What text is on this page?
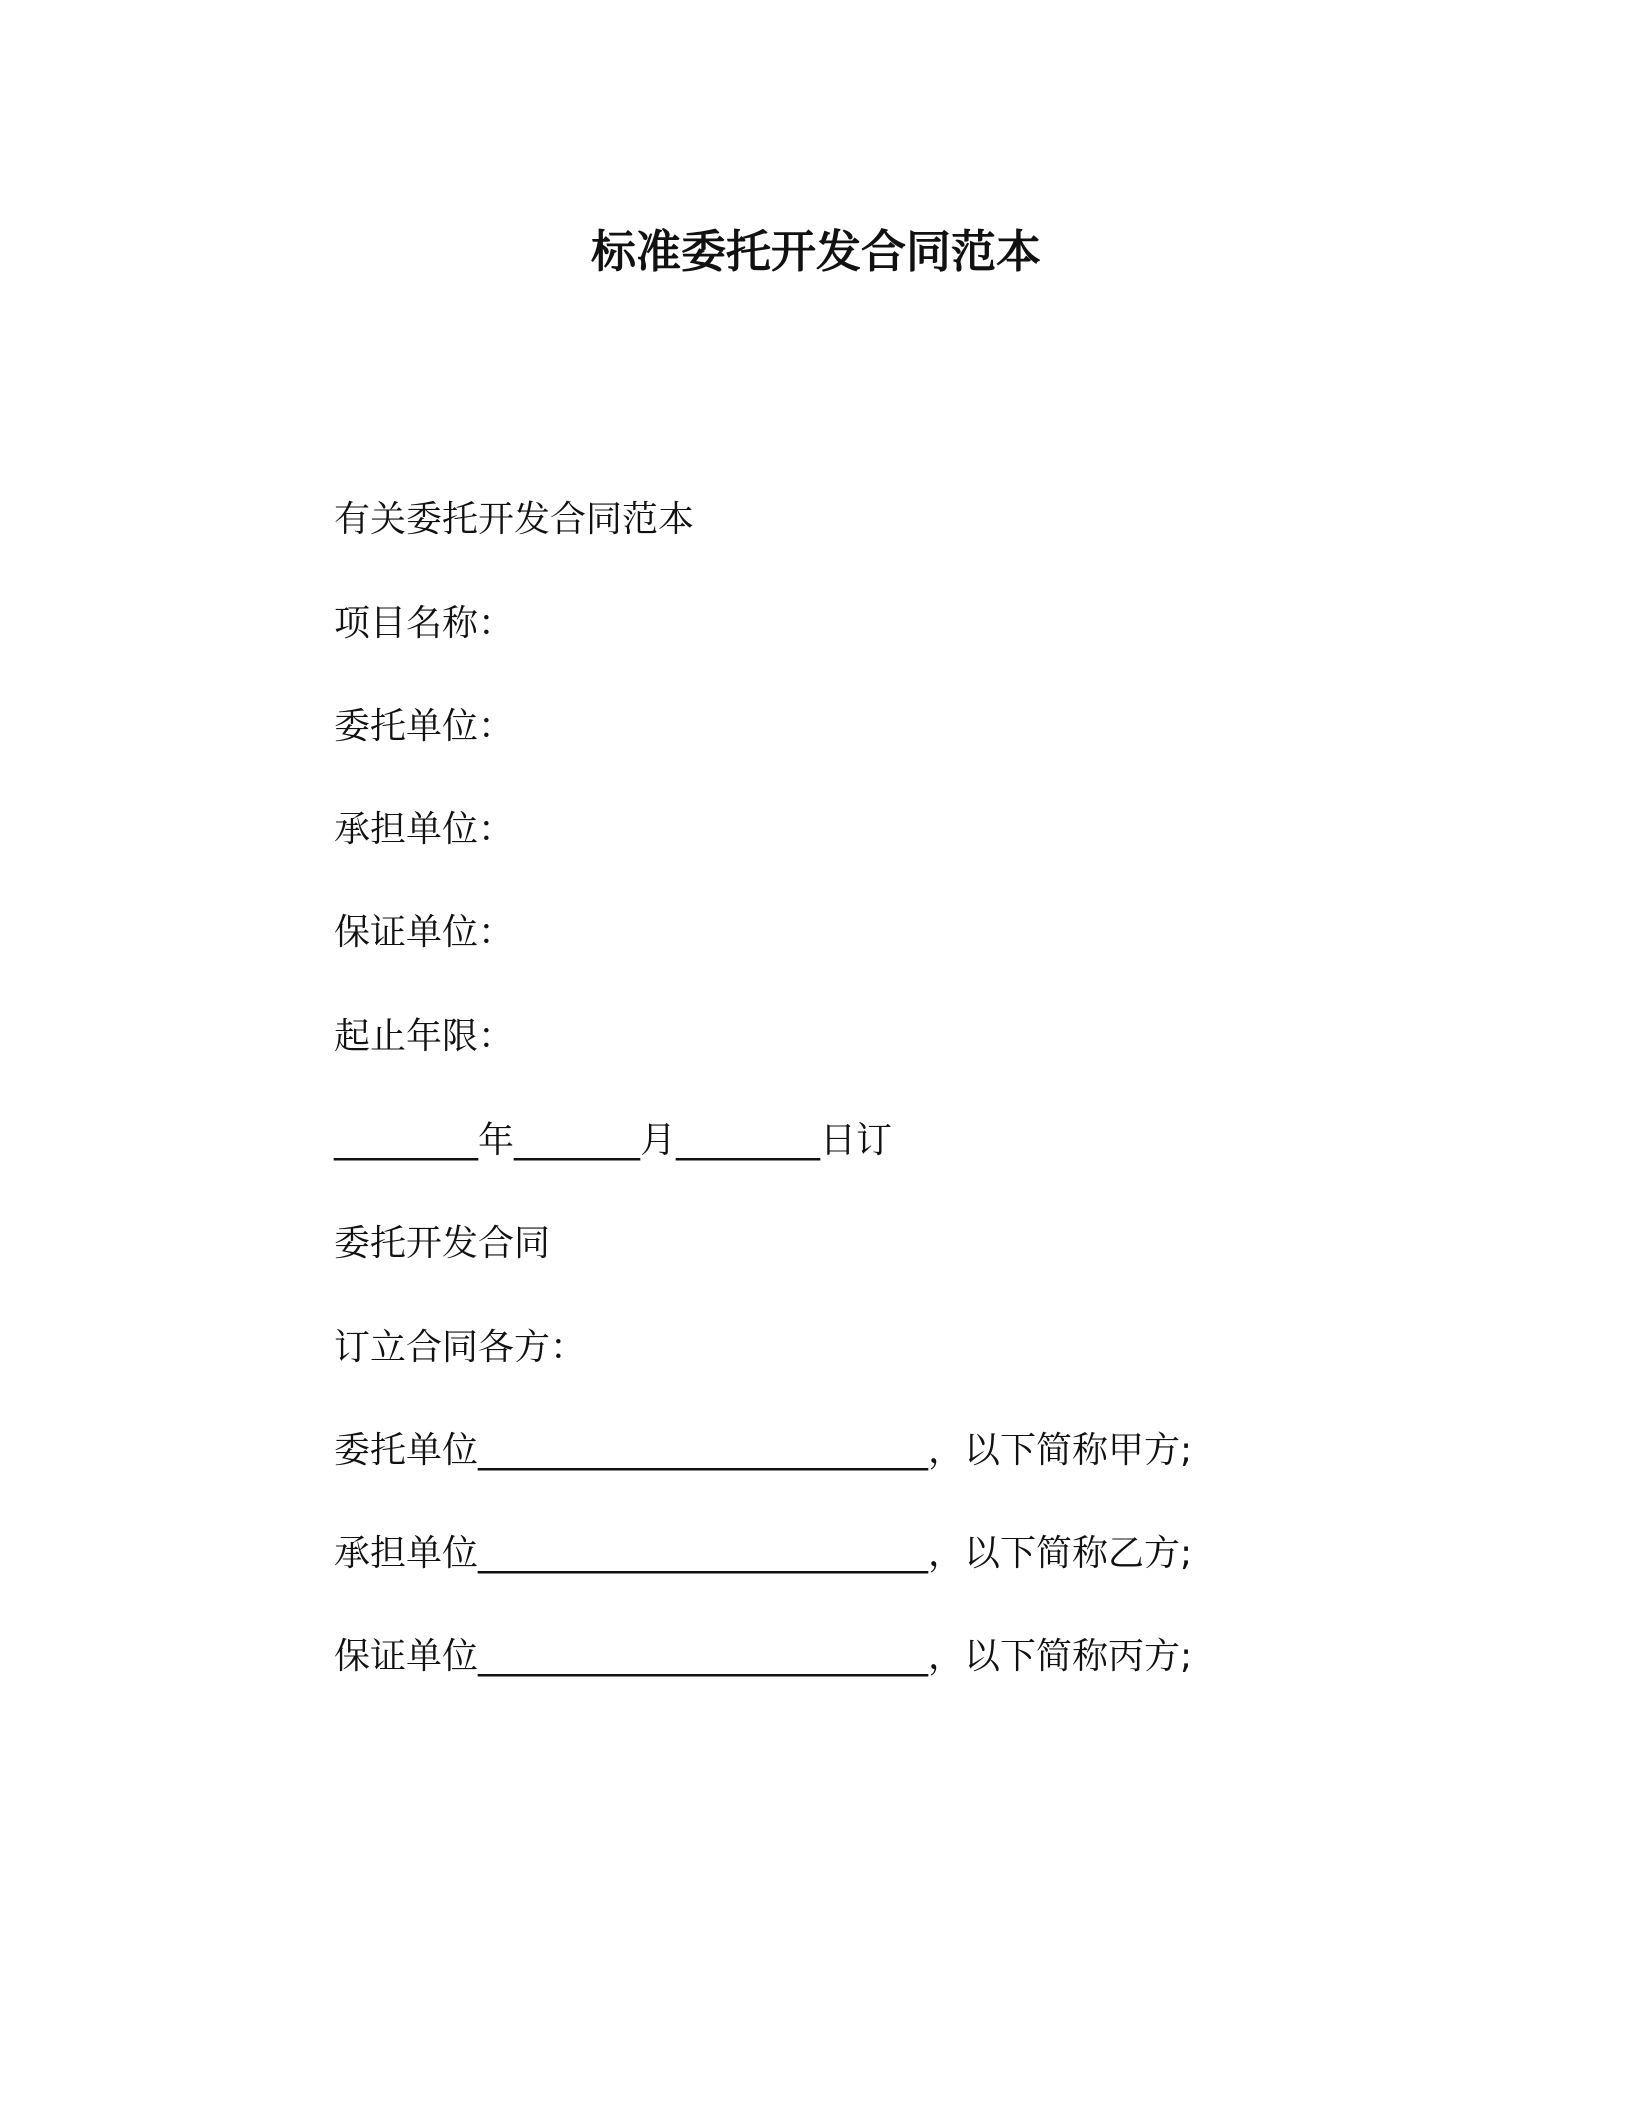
标准委托开发合同范本
有关委托开发合同范本
项目名称：
委托单位：
承担单位：
保证单位：
起止年限：
________年_______月________日订
委托开发合同
订立合同各方：
委托单位_________________________，以下简称甲方;
承担单位_________________________，以下简称乙方;
保证单位_________________________，以下简称丙方;
